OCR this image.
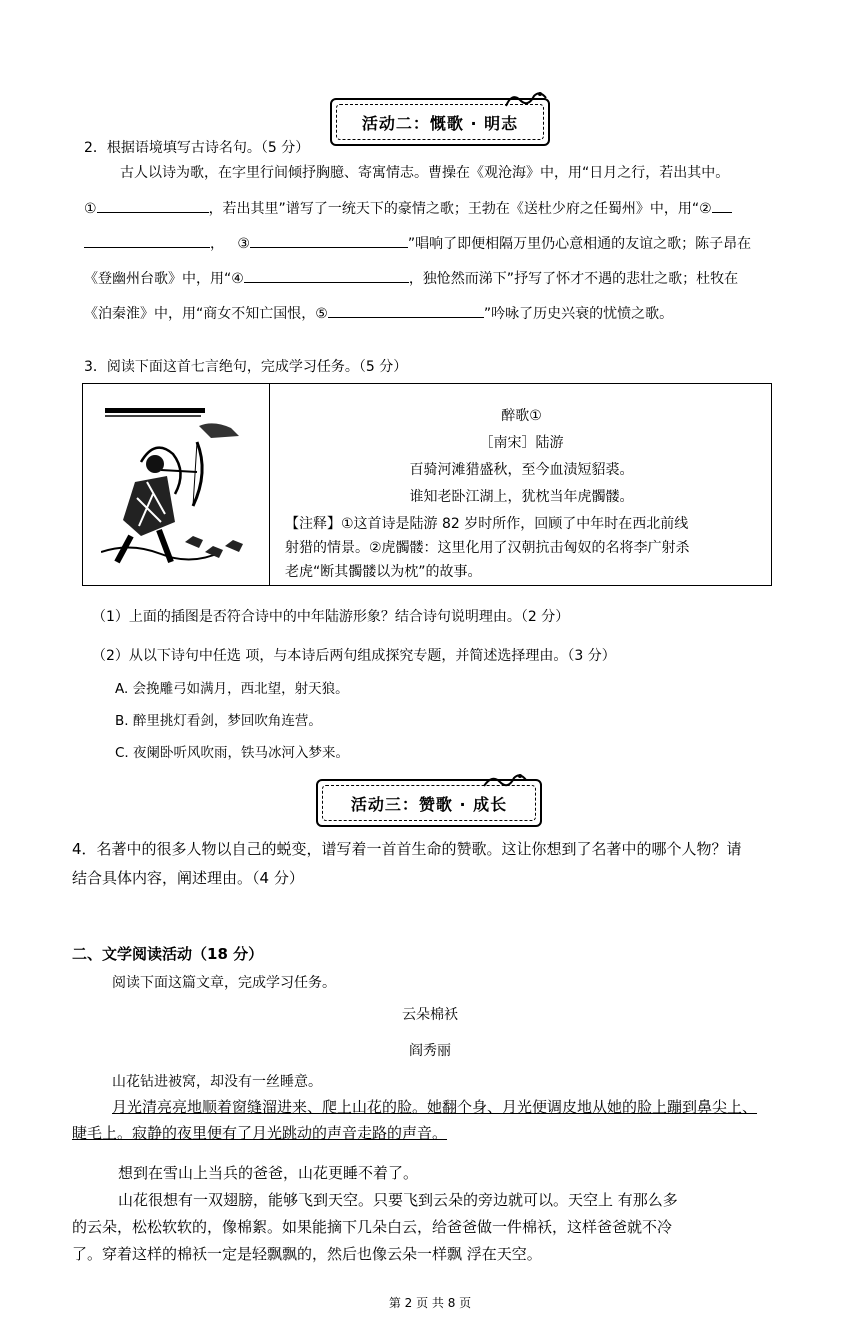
活动二：慨歌 · 明志
2．根据语境填写古诗名句。（5 分）
古人以诗为歌，在字里行间倾抒胸臆、寄寓情志。曹操在《观沧海》中，用“日月之行，若出其中。
①	，若出其里”谱写了一统天下的豪情之歌；王勃在《送杜少府之任蜀州》中，用“②
， ③	”唱响了即便相隔万里仍心意相通的友谊之歌；陈子昂在
《登幽州台歌》中，用“④	，独怆然而涕下”抒写了怀才不遇的悲壮之歌；杜牧在
《泊秦淮》中，用“商女不知亡国恨，⑤	”吟咏了历史兴衰的忧愤之歌。
3．阅读下面这首七言绝句，完成学习任务。（5 分）
醉歌①
［南宋］陆游
百骑河滩猎盛秋，至今血渍短貂裘。
谁知老卧江湖上，犹枕当年虎髑髅。
【注释】①这首诗是陆游 82 岁时所作，回顾了中年时在西北前线
射猎的情景。②虎髑髅：这里化用了汉朝抗击匈奴的名将李广射杀
老虎“断其髑髅以为枕”的故事。
（1）上面的插图是否符合诗中的中年陆游形象？结合诗句说明理由。（2 分）
（2）从以下诗句中任选 项，与本诗后两句组成探究专题，并简述选择理由。（3 分）
A. 会挽雕弓如满月，西北望，射天狼。
B. 醉里挑灯看剑，梦回吹角连营。
C. 夜阑卧听风吹雨，铁马冰河入梦来。
活动三：赞歌 · 成长
4．名著中的很多人物以自己的蜕变，谱写着一首首生命的赞歌。这让你想到了名著中的哪个人物？请
结合具体内容，阐述理由。（4 分）
二、文学阅读活动（18 分）
阅读下面这篇文章，完成学习任务。
云朵棉袄
阎秀丽
山花钻进被窝，却没有一丝睡意。
月光清亮亮地顺着窗缝溜进来、爬上山花的脸。她翻个身、月光便调皮地从她的脸上蹦到鼻尖上、
睫毛上。寂静的夜里便有了月光跳动的声音走路的声音。
想到在雪山上当兵的爸爸，山花更睡不着了。
山花很想有一双翅膀，能够飞到天空。只要飞到云朵的旁边就可以。天空上 有那么多
的云朵，松松软软的，像棉絮。如果能摘下几朵白云，给爸爸做一件棉袄，这样爸爸就不冷
了。穿着这样的棉袄一定是轻飘飘的，然后也像云朵一样飘 浮在天空。
第 2 页 共 8 页
